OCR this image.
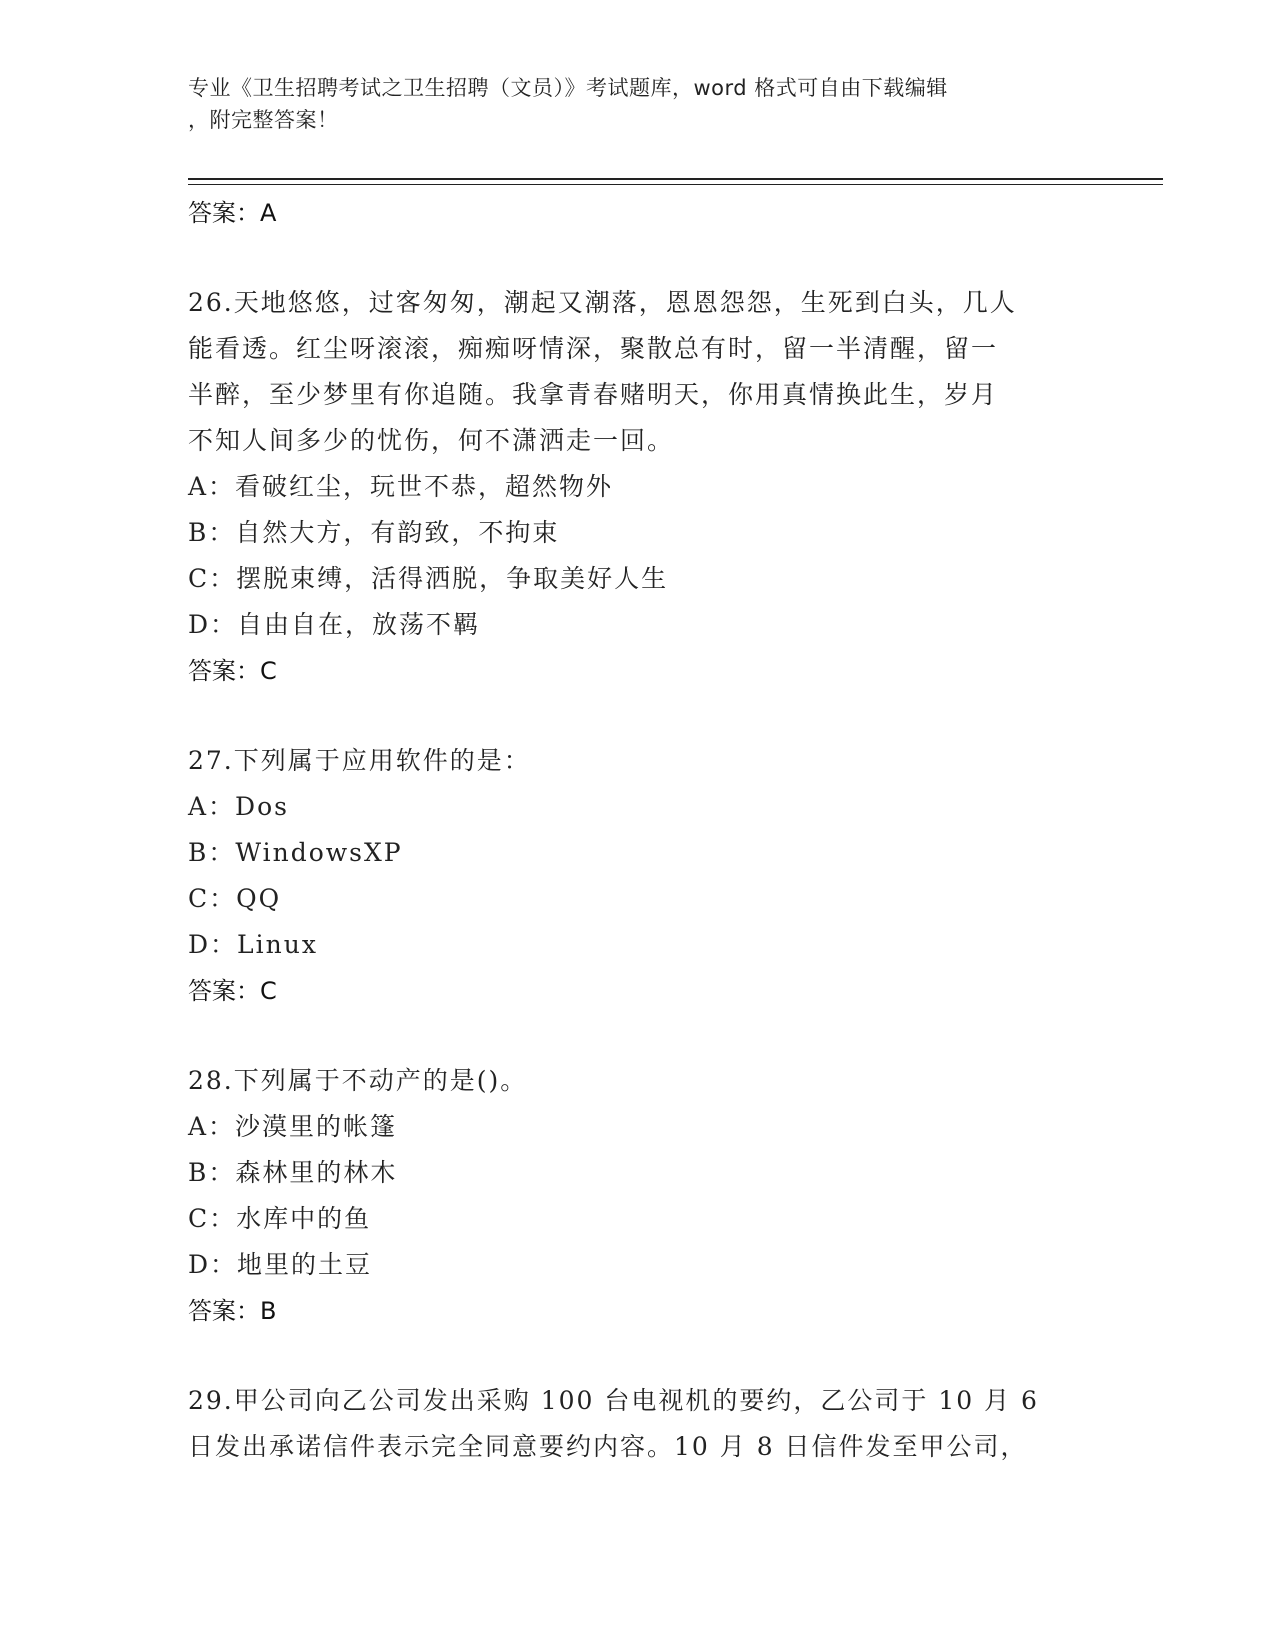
专业《卫生招聘考试之卫生招聘（文员）》考试题库，word 格式可自由下载编辑
，附完整答案！
答案：A
26.天地悠悠，过客匆匆，潮起又潮落，恩恩怨怨，生死到白头，几人
能看透。红尘呀滚滚，痴痴呀情深，聚散总有时，留一半清醒，留一
半醉，至少梦里有你追随。我拿青春赌明天，你用真情换此生，岁月
不知人间多少的忧伤，何不潇洒走一回。
A：看破红尘，玩世不恭，超然物外
B：自然大方，有韵致，不拘束
C：摆脱束缚，活得洒脱，争取美好人生
D：自由自在，放荡不羁
答案：C
27.下列属于应用软件的是：
A：Dos
B：WindowsXP
C：QQ
D：Linux
答案：C
28.下列属于不动产的是()。
A：沙漠里的帐篷
B：森林里的林木
C：水库中的鱼
D：地里的土豆
答案：B
29.甲公司向乙公司发出采购 100 台电视机的要约，乙公司于 10 月 6
日发出承诺信件表示完全同意要约内容。10 月 8 日信件发至甲公司，
